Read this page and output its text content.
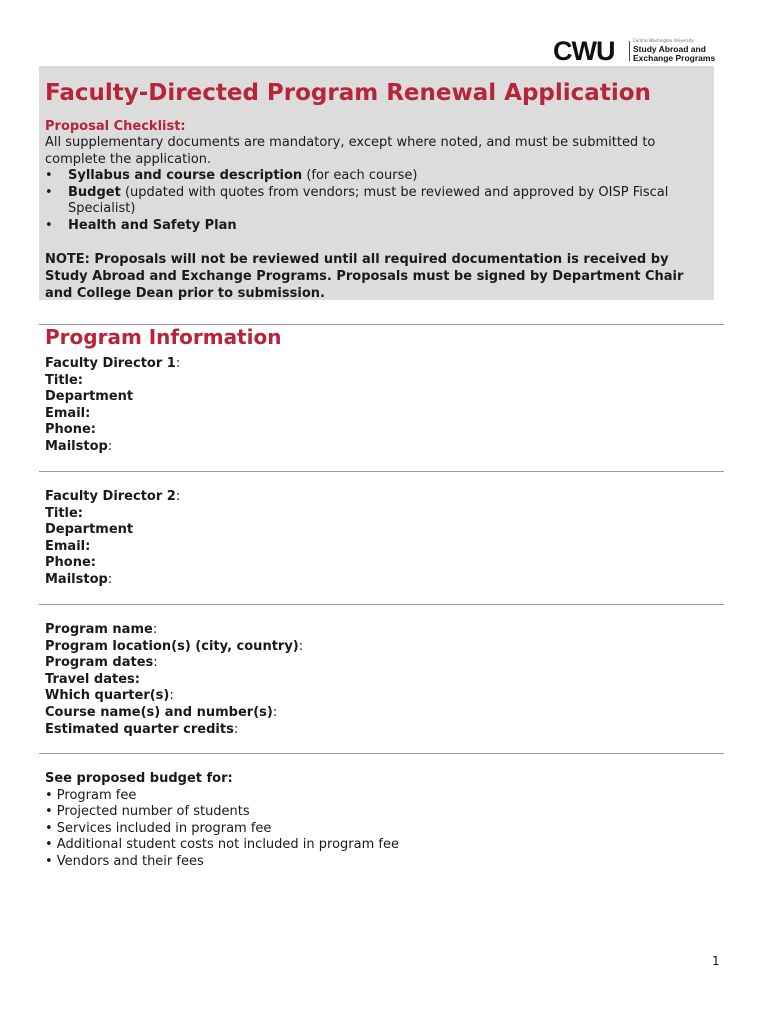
CWU	Central Washington University
Study Abroad and
Exchange Programs
Faculty-Directed Program Renewal Application
Proposal Checklist:
All supplementary documents are mandatory, except where noted, and must be submitted to complete the application.
• Syllabus and course description (for each course)
• Budget (updated with quotes from vendors; must be reviewed and approved by OISP Fiscal Specialist)
• Health and Safety Plan
NOTE: Proposals will not be reviewed until all required documentation is received by Study Abroad and Exchange Programs. Proposals must be signed by Department Chair and College Dean prior to submission.
Program Information
Faculty Director 1:
Title:
Department
Email:
Phone:
Mailstop:
Faculty Director 2:
Title:
Department
Email:
Phone:
Mailstop:
Program name:
Program location(s) (city, country):
Program dates:
Travel dates:
Which quarter(s):
Course name(s) and number(s):
Estimated quarter credits:
See proposed budget for:
• Program fee
• Projected number of students
• Services included in program fee
• Additional student costs not included in program fee
• Vendors and their fees
1
